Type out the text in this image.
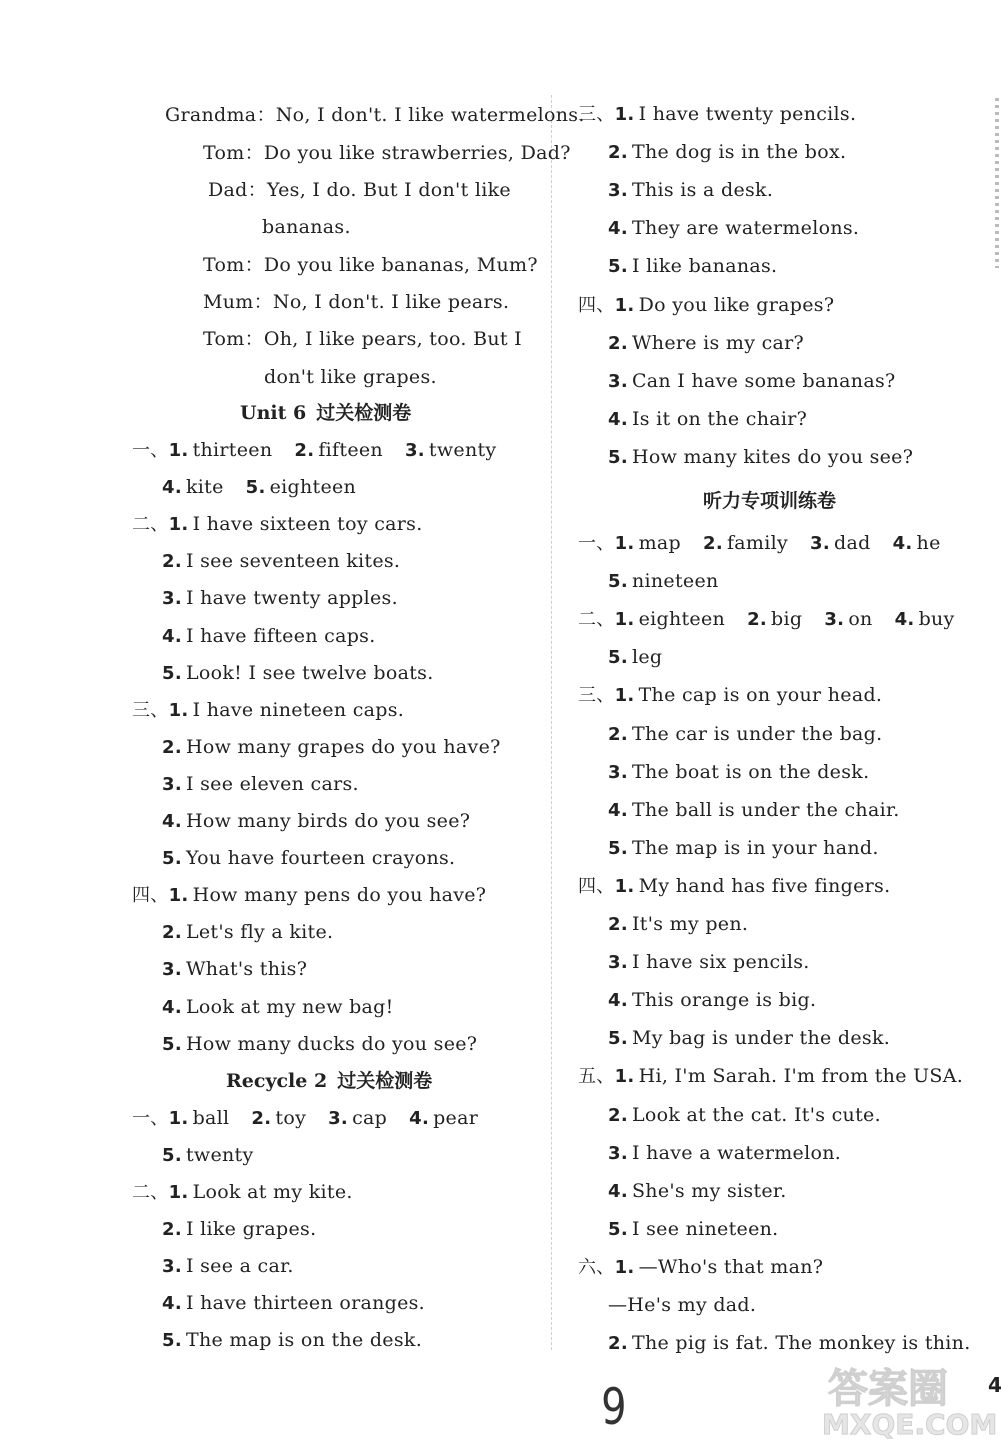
Grandma：No, I don't. I like watermelons.
Tom：Do you like strawberries, Dad?
Dad：Yes, I do. But I don't like
bananas.
Tom：Do you like bananas, Mum?
Mum：No, I don't. I like pears.
Tom：Oh, I like pears, too. But I
don't like grapes.
Unit 6 过关检测卷
一、1. thirteen 2. fifteen 3. twenty
4. kite 5. eighteen
二、1. I have sixteen toy cars.
2. I see seventeen kites.
3. I have twenty apples.
4. I have fifteen caps.
5. Look! I see twelve boats.
三、1. I have nineteen caps.
2. How many grapes do you have?
3. I see eleven cars.
4. How many birds do you see?
5. You have fourteen crayons.
四、1. How many pens do you have?
2. Let's fly a kite.
3. What's this?
4. Look at my new bag!
5. How many ducks do you see?
Recycle 2 过关检测卷
一、1. ball 2. toy 3. cap 4. pear
5. twenty
二、1. Look at my kite.
2. I like grapes.
3. I see a car.
4. I have thirteen oranges.
5. The map is on the desk.
三、1. I have twenty pencils.
2. The dog is in the box.
3. This is a desk.
4. They are watermelons.
5. I like bananas.
四、1. Do you like grapes?
2. Where is my car?
3. Can I have some bananas?
4. Is it on the chair?
5. How many kites do you see?
听力专项训练卷
一、1. map 2. family 3. dad 4. he
5. nineteen
二、1. eighteen 2. big 3. on 4. buy
5. leg
三、1. The cap is on your head.
2. The car is under the bag.
3. The boat is on the desk.
4. The ball is under the chair.
5. The map is in your hand.
四、1. My hand has five fingers.
2. It's my pen.
3. I have six pencils.
4. This orange is big.
5. My bag is under the desk.
五、1. Hi, I'm Sarah. I'm from the USA.
2. Look at the cat. It's cute.
3. I have a watermelon.
4. She's my sister.
5. I see nineteen.
六、1. —Who's that man?
—He's my dad.
2. The pig is fat. The monkey is thin.
9	4
答案圈
MXQE.COM
